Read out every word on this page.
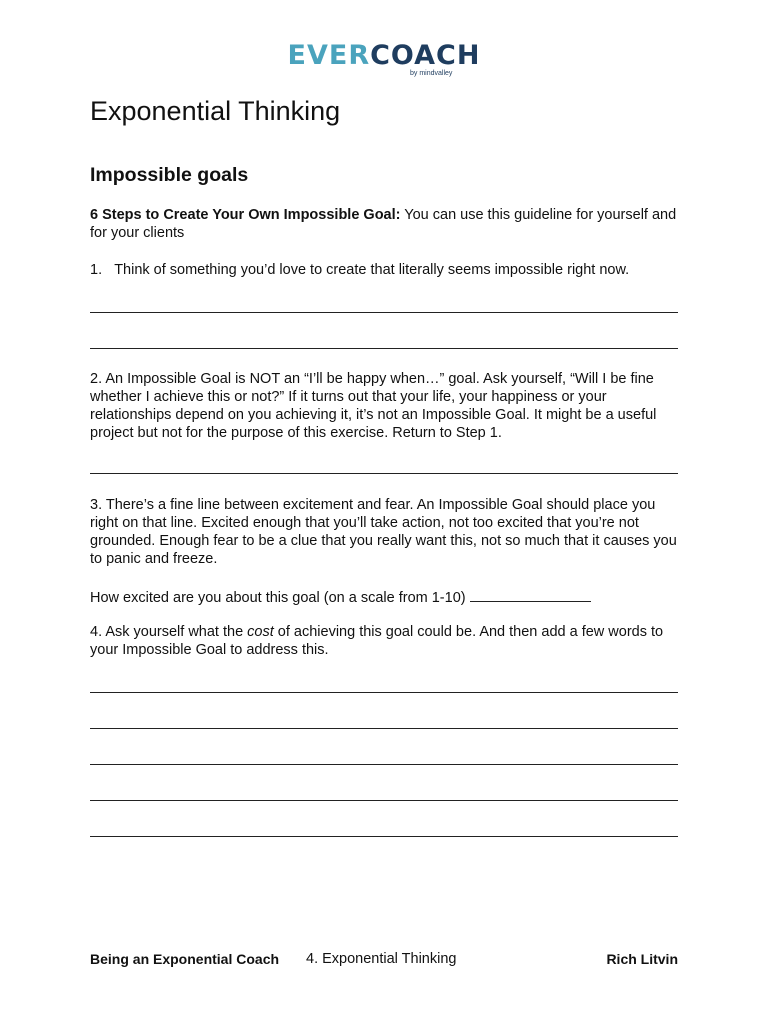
EVERCOACH
by mindvalley
Exponential Thinking
Impossible goals

6 Steps to Create Your Own Impossible Goal: You can use this guideline for yourself and for your clients

1. Think of something you’d love to create that literally seems impossible right now.

2. An Impossible Goal is NOT an “I’ll be happy when…” goal. Ask yourself, “Will I be fine whether I achieve this or not?” If it turns out that your life, your happiness or your relationships depend on you achieving it, it’s not an Impossible Goal. It might be a useful project but not for the purpose of this exercise. Return to Step 1.

3. There’s a fine line between excitement and fear. An Impossible Goal should place you right on that line. Excited enough that you’ll take action, not too excited that you’re not grounded. Enough fear to be a clue that you really want this, not so much that it causes you to panic and freeze.

How excited are you about this goal (on a scale from 1-10)

4. Ask yourself what the cost of achieving this goal could be. And then add a few words to your Impossible Goal to address this.

Being an Exponential Coach 4. Exponential Thinking	Rich Litvin
